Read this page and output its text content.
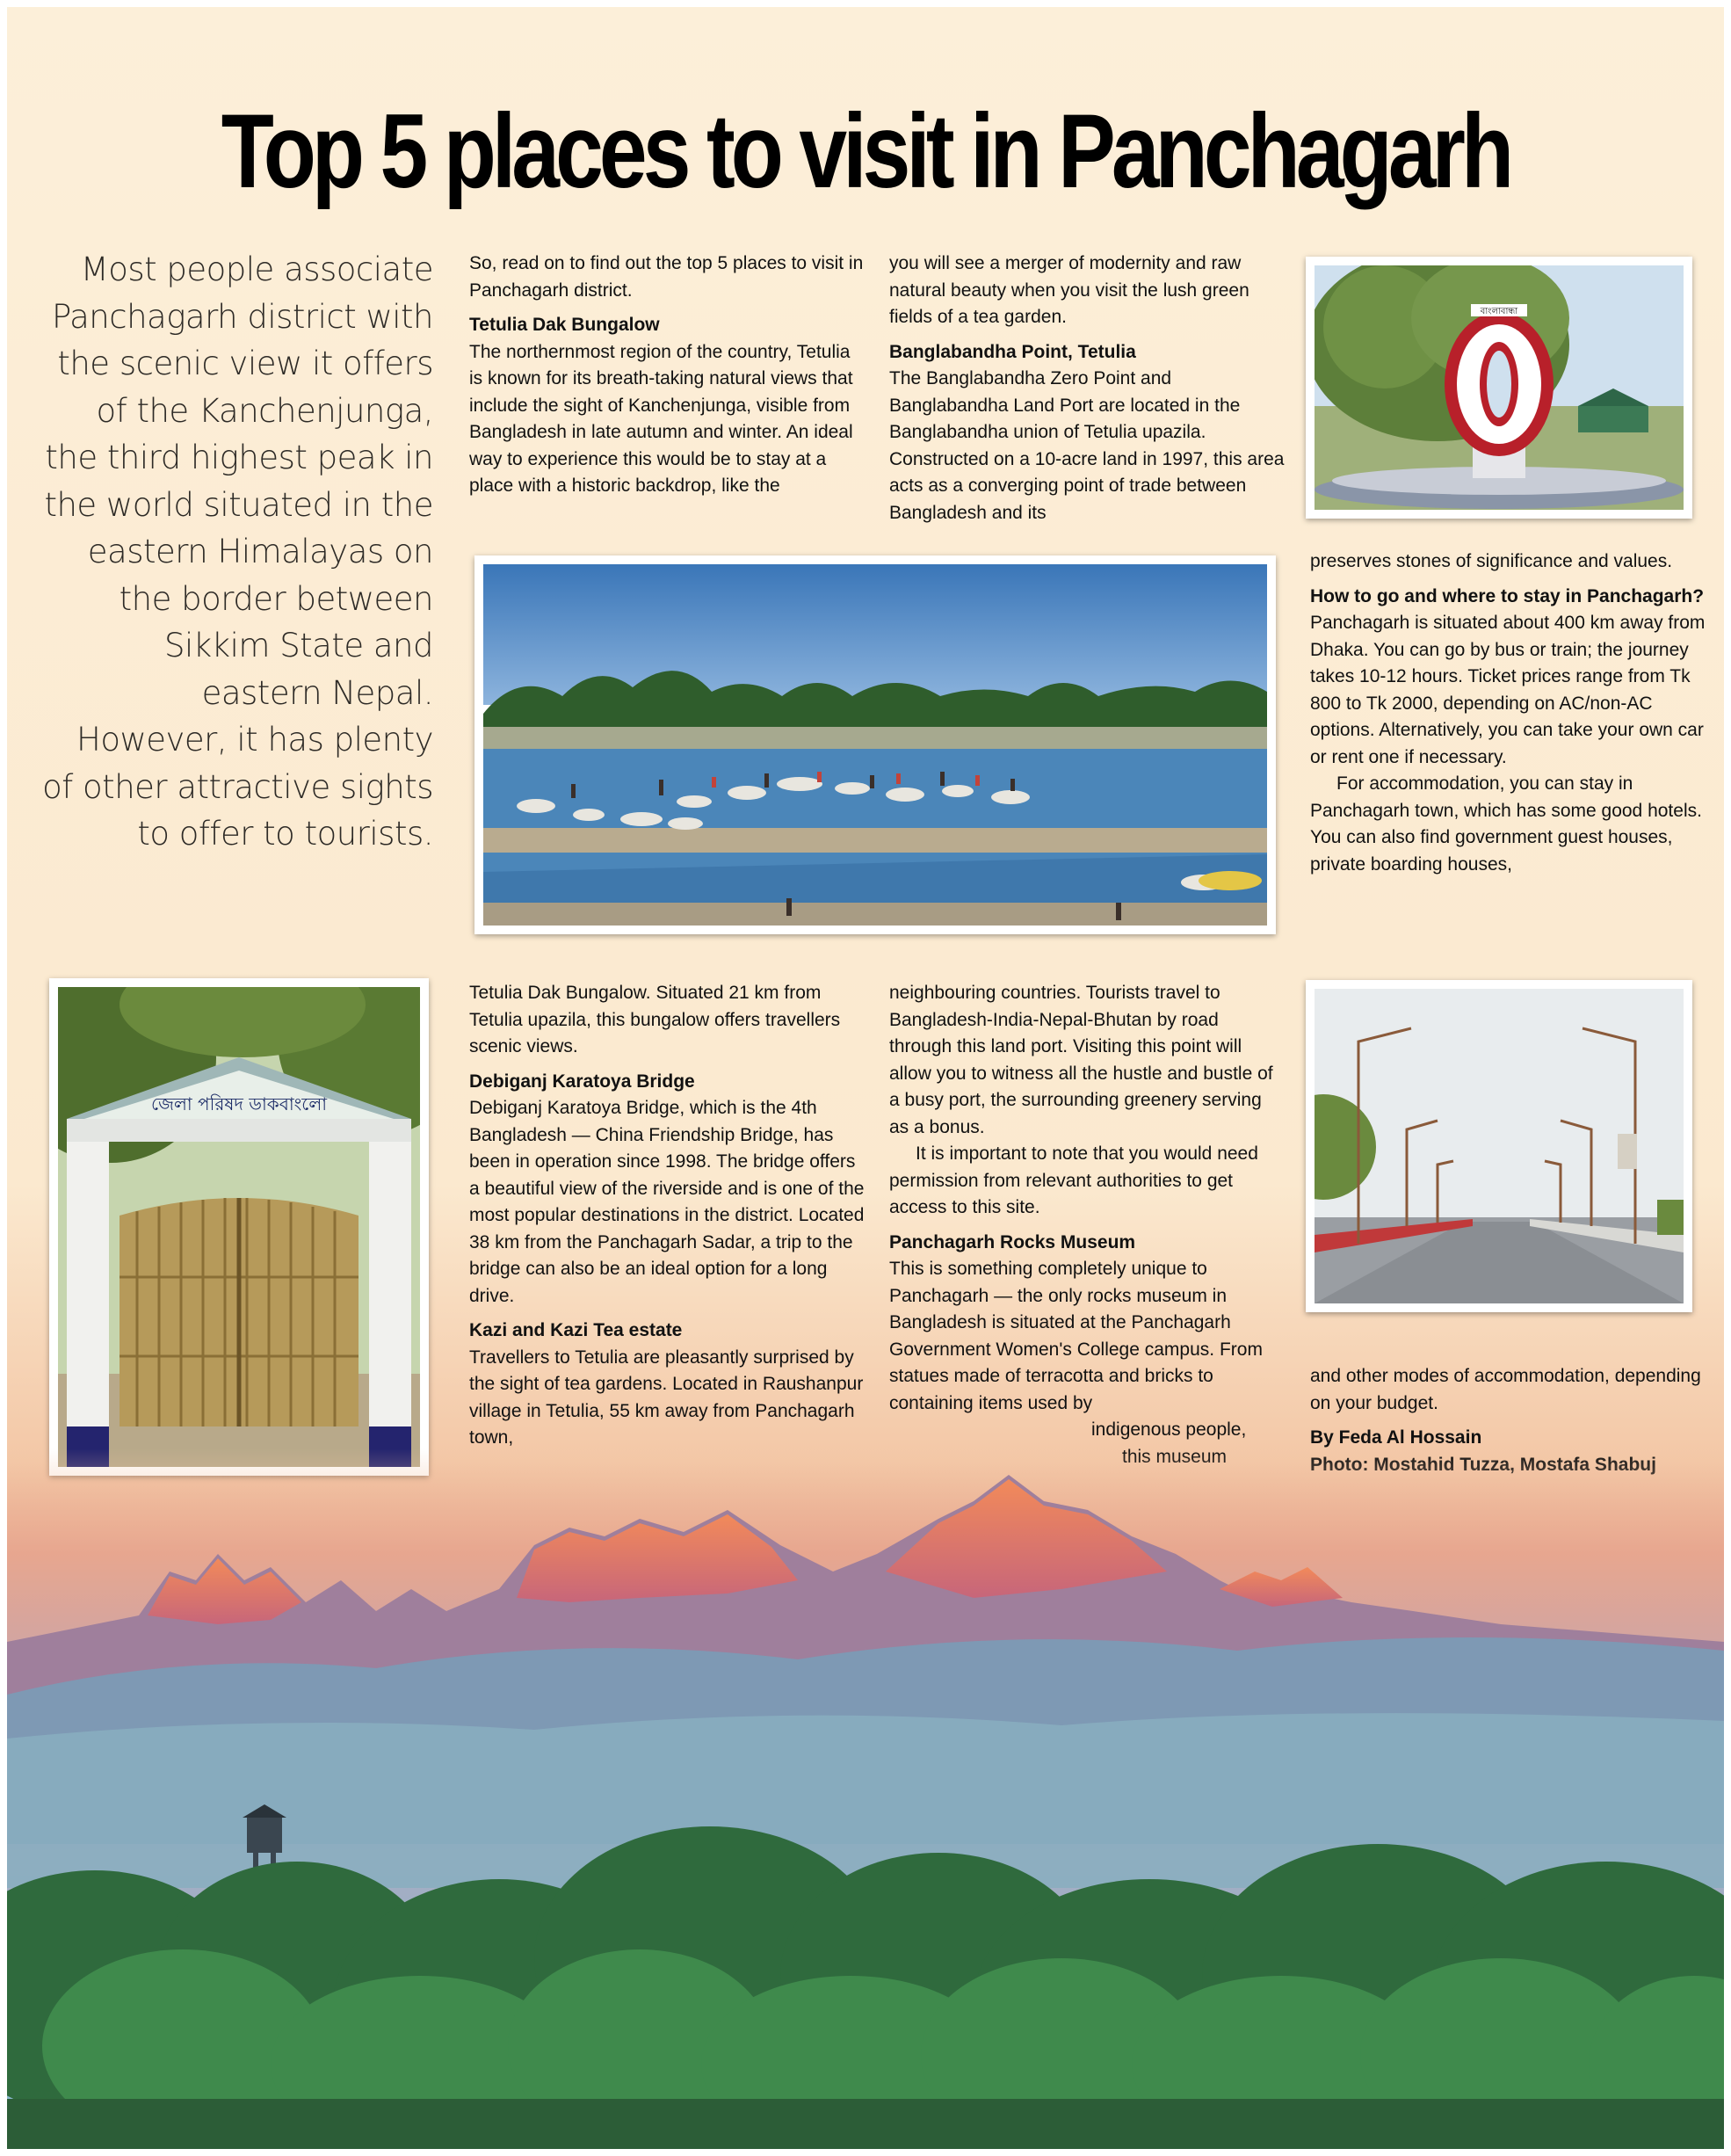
Top 5 places to visit in Panchagarh
Most people associate Panchagarh district with the scenic view it offers of the Kanchenjunga, the third highest peak in the world situated in the eastern Himalayas on the border between Sikkim State and eastern Nepal. However, it has plenty of other attractive sights to offer to tourists.

So, read on to find out the top 5 places to visit in Panchagarh district.

Tetulia Dak Bungalow

The northernmost region of the country, Tetulia is known for its breath-taking natural views that include the sight of Kanchenjunga, visible from Bangladesh in late autumn and winter. An ideal way to experience this would be to stay at a place with a historic backdrop, like the

you will see a merger of modernity and raw natural beauty when you visit the lush green fields of a tea garden.

Banglabandha Point, Tetulia

The Banglabandha Zero Point and Banglabandha Land Port are located in the Banglabandha union of Tetulia upazila. Constructed on a 10-acre land in 1997, this area acts as a converging point of trade between Bangladesh and its

বাংলাবান্ধা

preserves stones of significance and values.

How to go and where to stay in Panchagarh?

Panchagarh is situated about 400 km away from Dhaka. You can go by bus or train; the journey takes 10-12 hours. Ticket prices range from Tk 800 to Tk 2000, depending on AC/non-AC options. Alternatively, you can take your own car or rent one if necessary.

For accommodation, you can stay in Panchagarh town, which has some good hotels. You can also find government guest houses, private boarding houses,

জেলা পরিষদ ডাকবাংলো

Tetulia Dak Bungalow. Situated 21 km from Tetulia upazila, this bungalow offers travellers scenic views.

Debiganj Karatoya Bridge

Debiganj Karatoya Bridge, which is the 4th Bangladesh — China Friendship Bridge, has been in operation since 1998. The bridge offers a beautiful view of the riverside and is one of the most popular destinations in the district. Located 38 km from the Panchagarh Sadar, a trip to the bridge can also be an ideal option for a long drive.

Kazi and Kazi Tea estate

Travellers to Tetulia are pleasantly surprised by the sight of tea gardens. Located in Raushanpur village in Tetulia, 55 km away from Panchagarh town,

neighbouring countries. Tourists travel to Bangladesh-India-Nepal-Bhutan by road through this land port. Visiting this point will allow you to witness all the hustle and bustle of a busy port, the surrounding greenery serving as a bonus.

It is important to note that you would need permission from relevant authorities to get access to this site.

Panchagarh Rocks Museum

This is something completely unique to Panchagarh — the only rocks museum in Bangladesh is situated at the Panchagarh Government Women's College campus. From statues made of terracotta and bricks to containing items used by

indigenous people,

and other modes of accommodation, depending on your budget.

By Feda Al Hossain
